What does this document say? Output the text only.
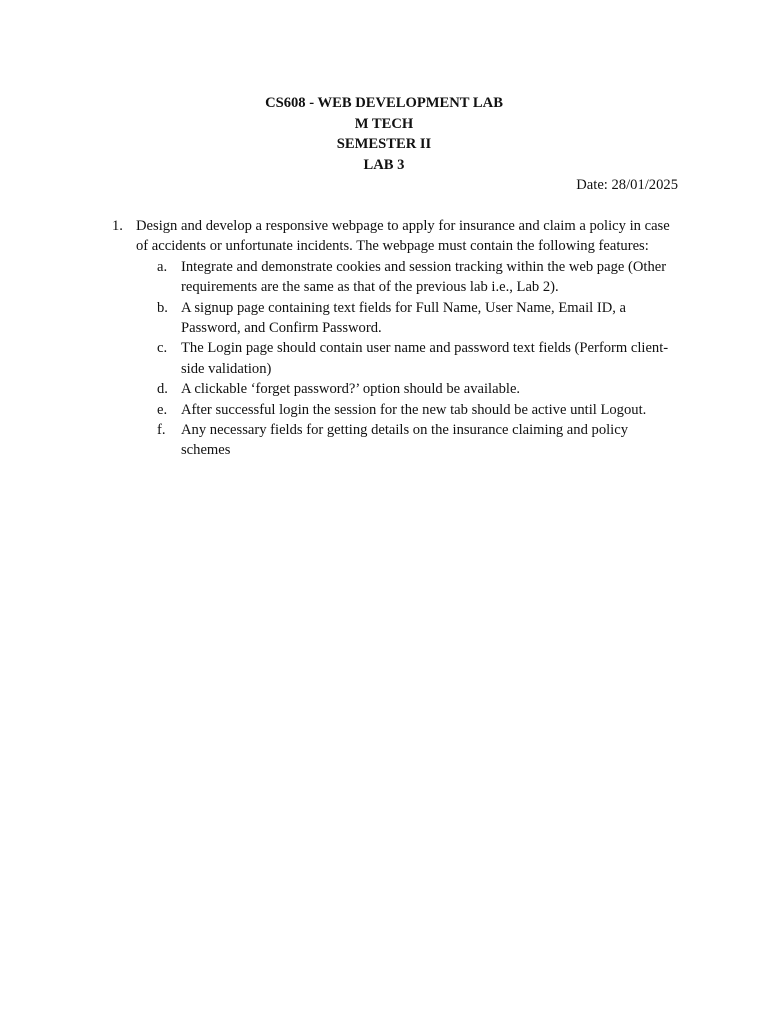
CS608 - WEB DEVELOPMENT LAB
M TECH
SEMESTER II
LAB 3
Date: 28/01/2025
1. Design and develop a responsive webpage to apply for insurance and claim a policy in case of accidents or unfortunate incidents. The webpage must contain the following features:
a. Integrate and demonstrate cookies and session tracking within the web page (Other requirements are the same as that of the previous lab i.e., Lab 2).
b. A signup page containing text fields for Full Name, User Name, Email ID, a Password, and Confirm Password.
c. The Login page should contain user name and password text fields (Perform client-side validation)
d. A clickable ‘forget password?’ option should be available.
e. After successful login the session for the new tab should be active until Logout.
f. Any necessary fields for getting details on the insurance claiming and policy schemes
